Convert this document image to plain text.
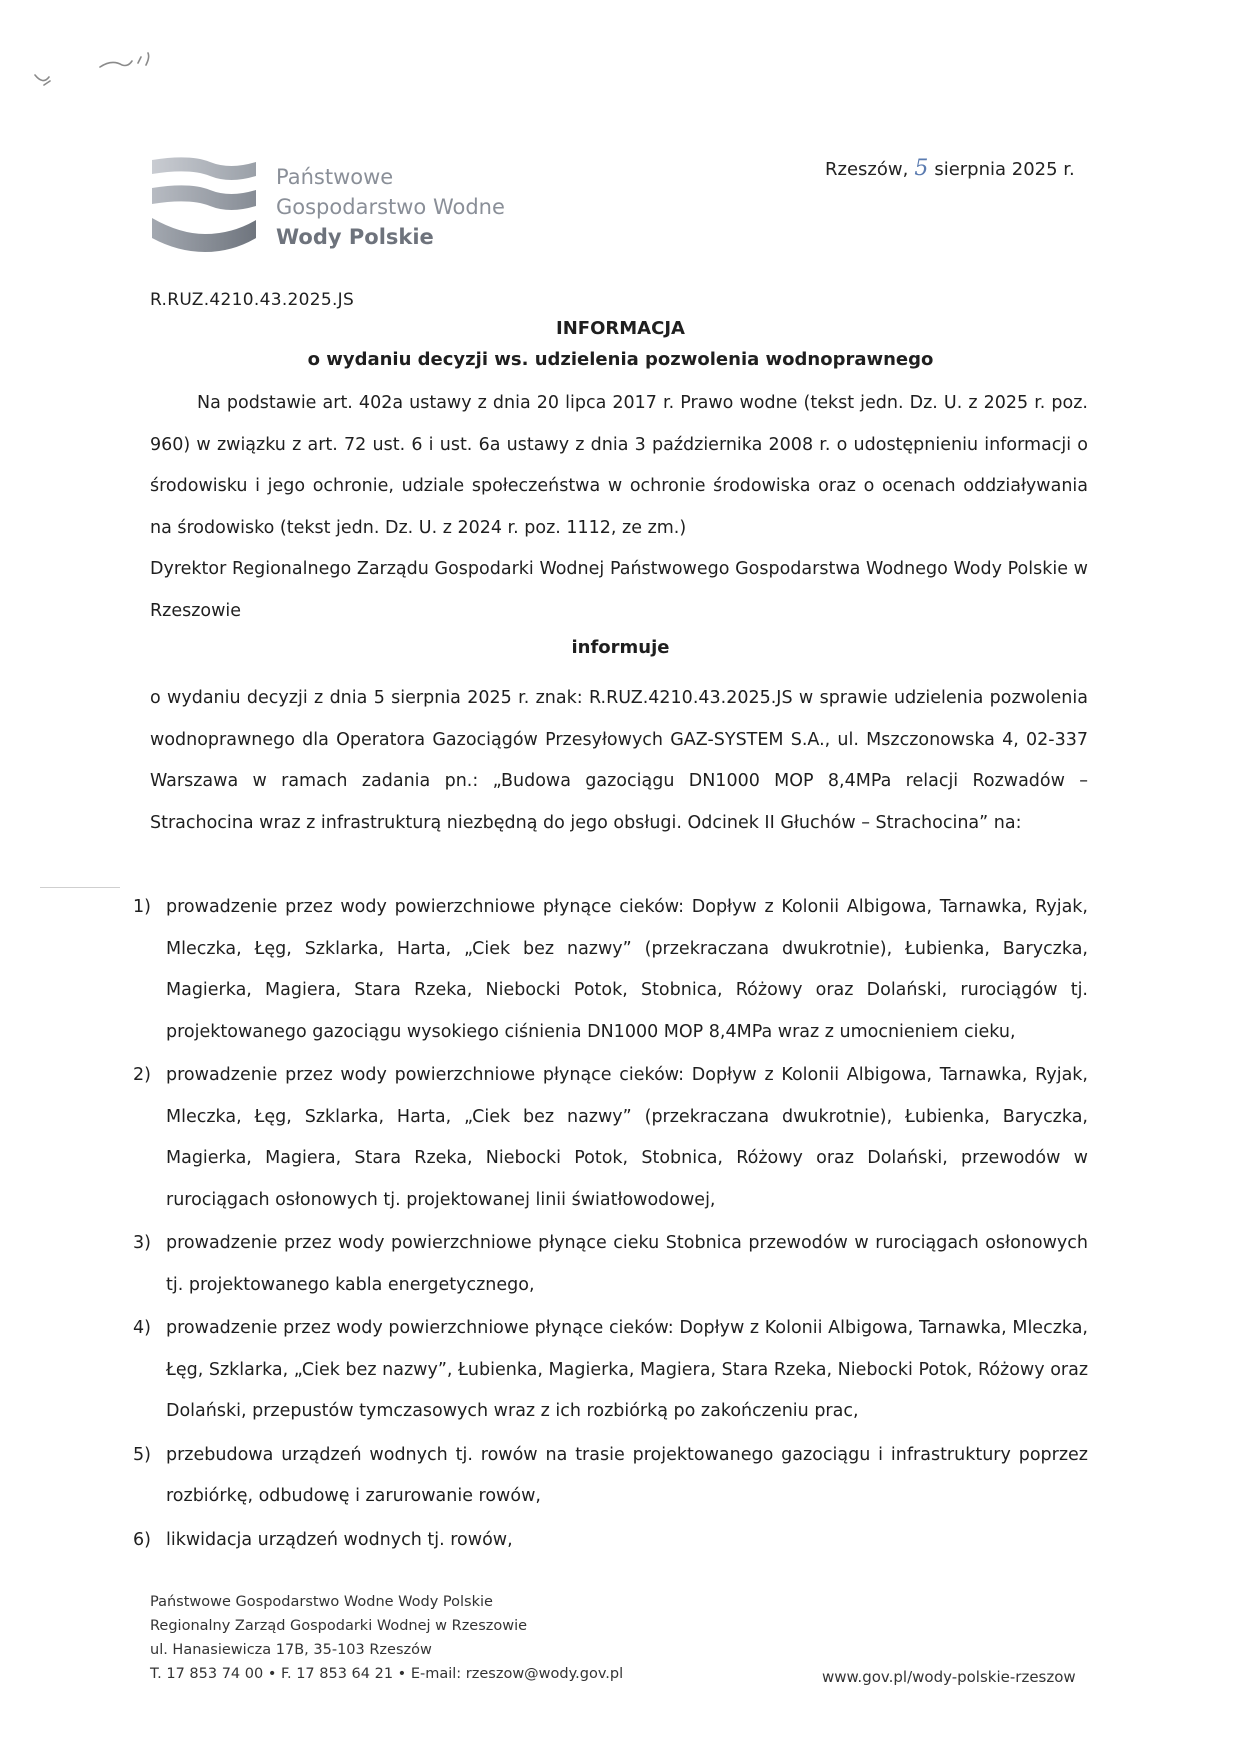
Państwowe
Gospodarstwo Wodne
Wody Polskie
Rzeszów, 5 sierpnia 2025 r.
R.RUZ.4210.43.2025.JS
INFORMACJA
o wydaniu decyzji ws. udzielenia pozwolenia wodnoprawnego
Na podstawie art. 402a ustawy z dnia 20 lipca 2017 r. Prawo wodne (tekst jedn. Dz. U. z 2025 r. poz. 960) w związku z art. 72 ust. 6 i ust. 6a ustawy z dnia 3 października 2008 r. o udostępnieniu informacji o środowisku i jego ochronie, udziale społeczeństwa w ochronie środowiska oraz o ocenach oddziaływania na środowisko (tekst jedn. Dz. U. z 2024 r. poz. 1112, ze zm.)
Dyrektor Regionalnego Zarządu Gospodarki Wodnej Państwowego Gospodarstwa Wodnego Wody Polskie w Rzeszowie
informuje
o wydaniu decyzji z dnia 5 sierpnia 2025 r. znak: R.RUZ.4210.43.2025.JS w sprawie udzielenia pozwolenia wodnoprawnego dla Operatora Gazociągów Przesyłowych GAZ-SYSTEM S.A., ul. Mszczonowska 4, 02-337 Warszawa w ramach zadania pn.: „Budowa gazociągu DN1000 MOP 8,4MPa relacji Rozwadów – Strachocina wraz z infrastrukturą niezbędną do jego obsługi. Odcinek II Głuchów – Strachocina” na:
1) prowadzenie przez wody powierzchniowe płynące cieków: Dopływ z Kolonii Albigowa, Tarnawka, Ryjak, Mleczka, Łęg, Szklarka, Harta, „Ciek bez nazwy” (przekraczana dwukrotnie), Łubienka, Baryczka, Magierka, Magiera, Stara Rzeka, Niebocki Potok, Stobnica, Różowy oraz Dolański, rurociągów tj. projektowanego gazociągu wysokiego ciśnienia DN1000 MOP 8,4MPa wraz z umocnieniem cieku,
2) prowadzenie przez wody powierzchniowe płynące cieków: Dopływ z Kolonii Albigowa, Tarnawka, Ryjak, Mleczka, Łęg, Szklarka, Harta, „Ciek bez nazwy” (przekraczana dwukrotnie), Łubienka, Baryczka, Magierka, Magiera, Stara Rzeka, Niebocki Potok, Stobnica, Różowy oraz Dolański, przewodów w rurociągach osłonowych tj. projektowanej linii światłowodowej,
3) prowadzenie przez wody powierzchniowe płynące cieku Stobnica przewodów w rurociągach osłonowych tj. projektowanego kabla energetycznego,
4) prowadzenie przez wody powierzchniowe płynące cieków: Dopływ z Kolonii Albigowa, Tarnawka, Mleczka, Łęg, Szklarka, „Ciek bez nazwy”, Łubienka, Magierka, Magiera, Stara Rzeka, Niebocki Potok, Różowy oraz Dolański, przepustów tymczasowych wraz z ich rozbiórką po zakończeniu prac,
5) przebudowa urządzeń wodnych tj. rowów na trasie projektowanego gazociągu i infrastruktury poprzez rozbiórkę, odbudowę i zarurowanie rowów,
6) likwidacja urządzeń wodnych tj. rowów,
Państwowe Gospodarstwo Wodne Wody Polskie
Regionalny Zarząd Gospodarki Wodnej w Rzeszowie
ul. Hanasiewicza 17B, 35-103 Rzeszów
T. 17 853 74 00 • F. 17 853 64 21 • E-mail: rzeszow@wody.gov.pl	www.gov.pl/wody-polskie-rzeszow
